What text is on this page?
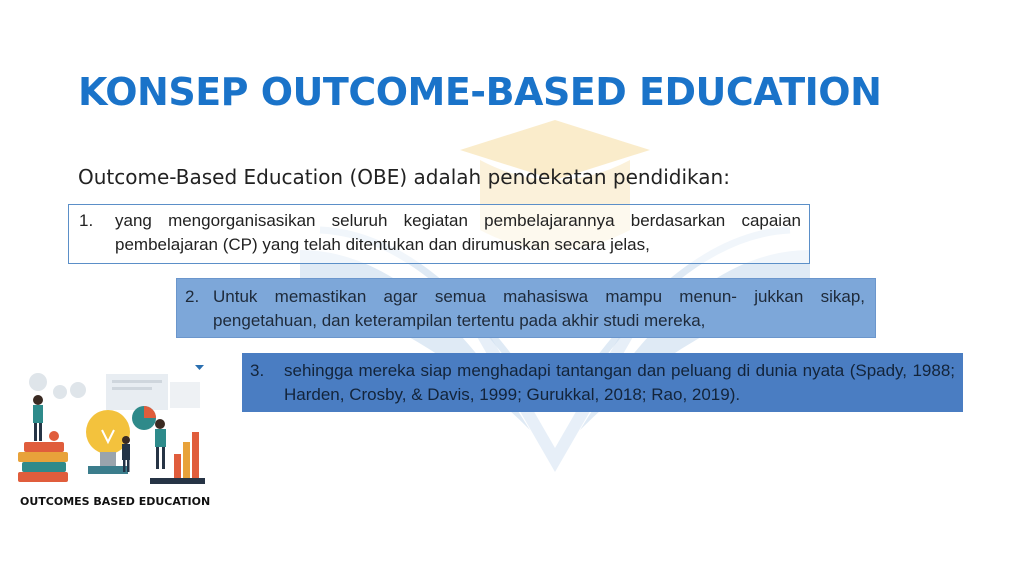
KONSEP OUTCOME-BASED EDUCATION
Outcome-Based Education (OBE) adalah pendekatan pendidikan:
1.	yang mengorganisasikan seluruh kegiatan pembelajarannya berdasarkan capaian pembelajaran (CP) yang telah ditentukan dan dirumuskan secara jelas,
2. Untuk memastikan agar semua mahasiswa mampu menun- jukkan sikap, pengetahuan, dan keterampilan tertentu pada akhir studi mereka,
3.	sehingga mereka siap menghadapi tantangan dan peluang di dunia nyata (Spady, 1988; Harden, Crosby, & Davis, 1999; Gurukkal, 2018; Rao, 2019).
OUTCOMES BASED EDUCATION
